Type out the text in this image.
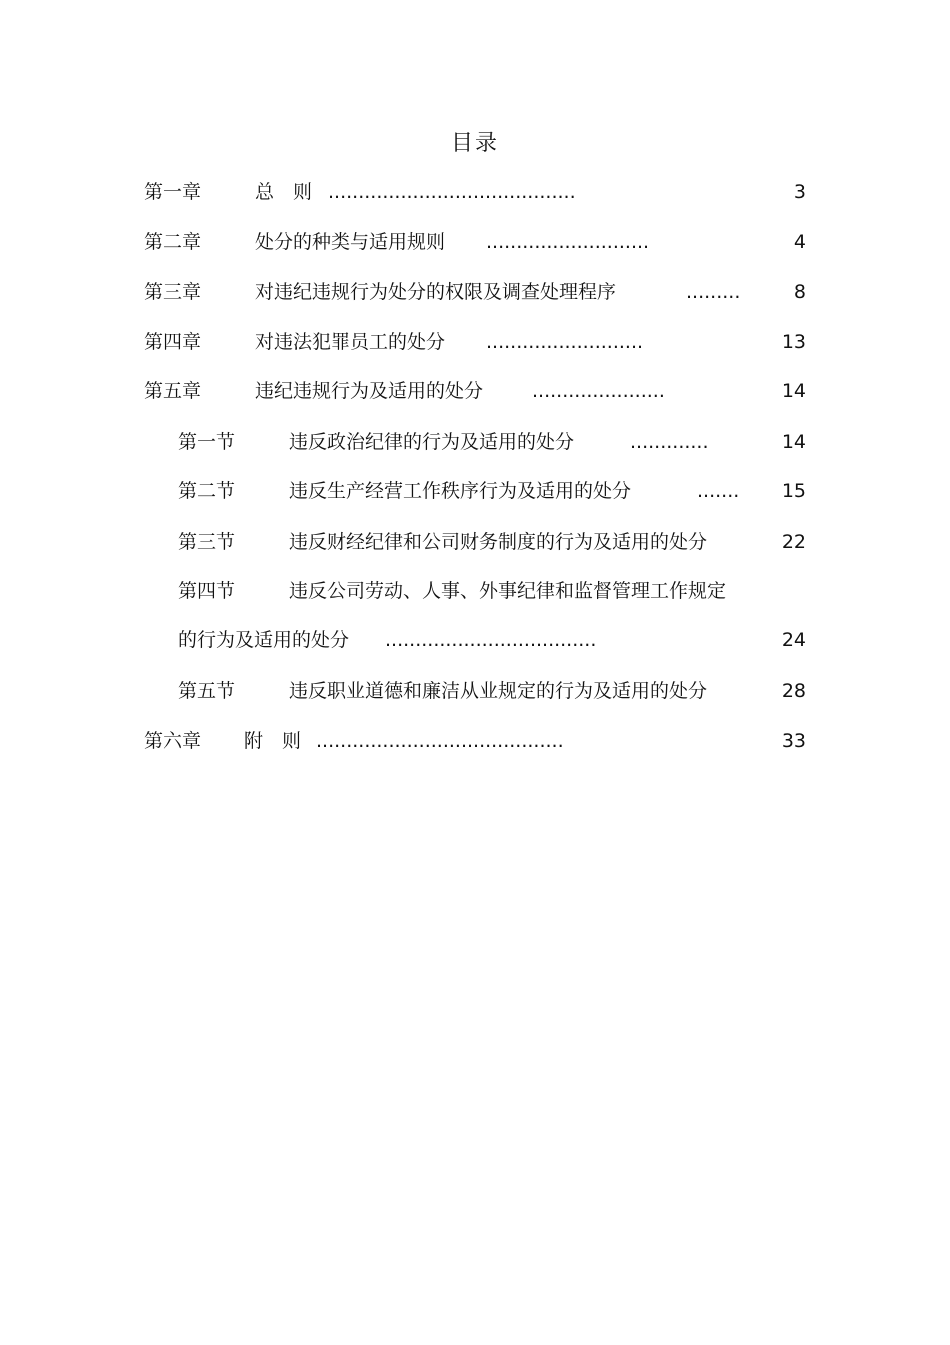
目录
第一章	总　则 .........................................	3
第二章	处分的种类与适用规则 ...........................	4
第三章	对违纪违规行为处分的权限及调查处理程序	.........	8
第四章	对违法犯罪员工的处分 ..........................	13
第五章	违纪违规行为及适用的处分	......................	14
第一节	违反政治纪律的行为及适用的处分	.............	14
第二节	违反生产经营工作秩序行为及适用的处分	.......	15
第三节	违反财经纪律和公司财务制度的行为及适用的处分	22
第四节	违反公司劳动、人事、外事纪律和监督管理工作规定
的行为及适用的处分 ...................................	24
第五节	违反职业道德和廉洁从业规定的行为及适用的处分	28
第六章 附　则 .........................................	33
